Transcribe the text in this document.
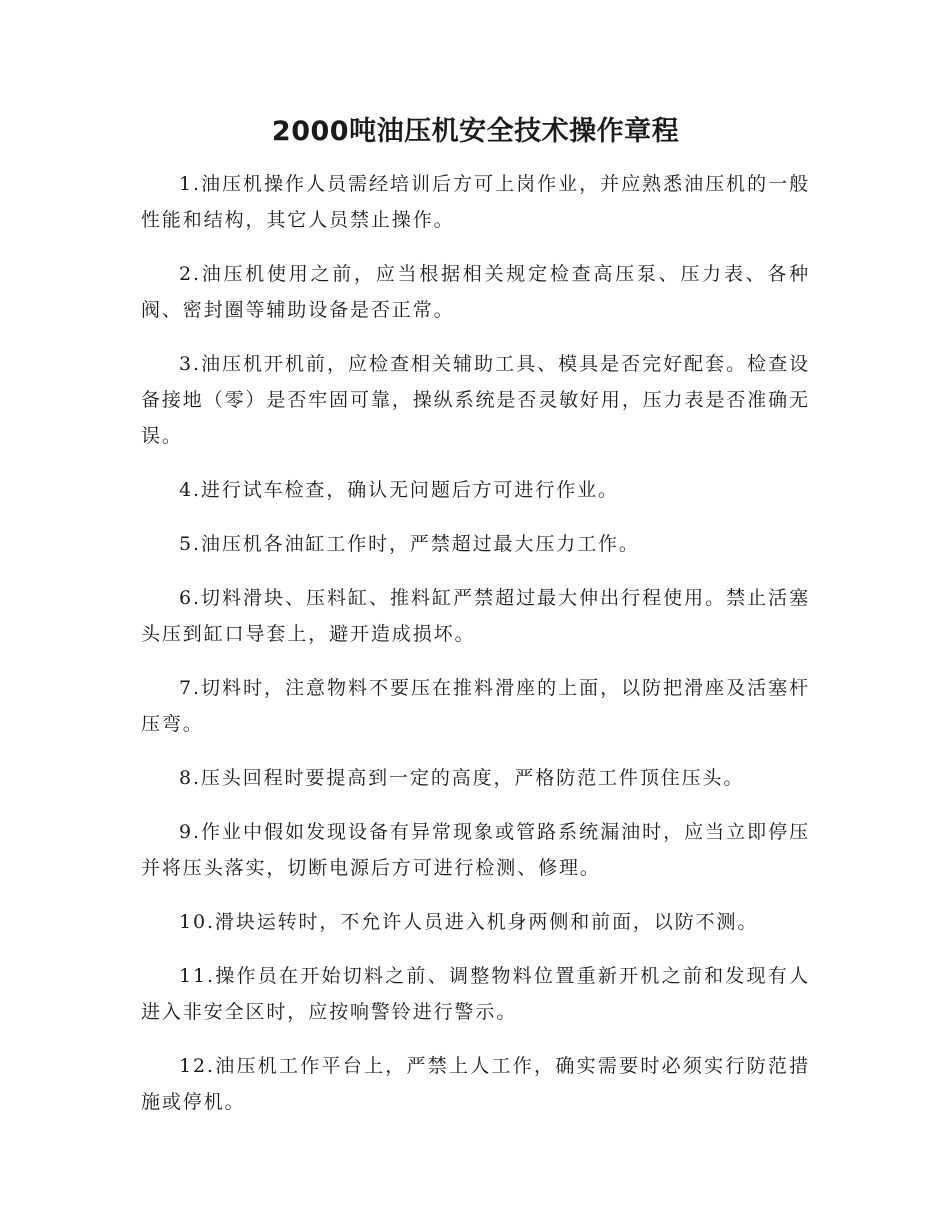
2000吨油压机安全技术操作章程

1.油压机操作人员需经培训后方可上岗作业，并应熟悉油压机的一般性能和结构，其它人员禁止操作。

2.油压机使用之前，应当根据相关规定检查高压泵、压力表、各种阀、密封圈等辅助设备是否正常。

3.油压机开机前，应检查相关辅助工具、模具是否完好配套。检查设备接地（零）是否牢固可靠，操纵系统是否灵敏好用，压力表是否准确无误。

4.进行试车检查，确认无问题后方可进行作业。

5.油压机各油缸工作时，严禁超过最大压力工作。

6.切料滑块、压料缸、推料缸严禁超过最大伸出行程使用。禁止活塞头压到缸口导套上，避开造成损坏。

7.切料时，注意物料不要压在推料滑座的上面，以防把滑座及活塞杆压弯。

8.压头回程时要提高到一定的高度，严格防范工件顶住压头。

9.作业中假如发现设备有异常现象或管路系统漏油时，应当立即停压并将压头落实，切断电源后方可进行检测、修理。

10.滑块运转时，不允许人员进入机身两侧和前面，以防不测。

11.操作员在开始切料之前、调整物料位置重新开机之前和发现有人进入非安全区时，应按响警铃进行警示。

12.油压机工作平台上，严禁上人工作，确实需要时必须实行防范措施或停机。
